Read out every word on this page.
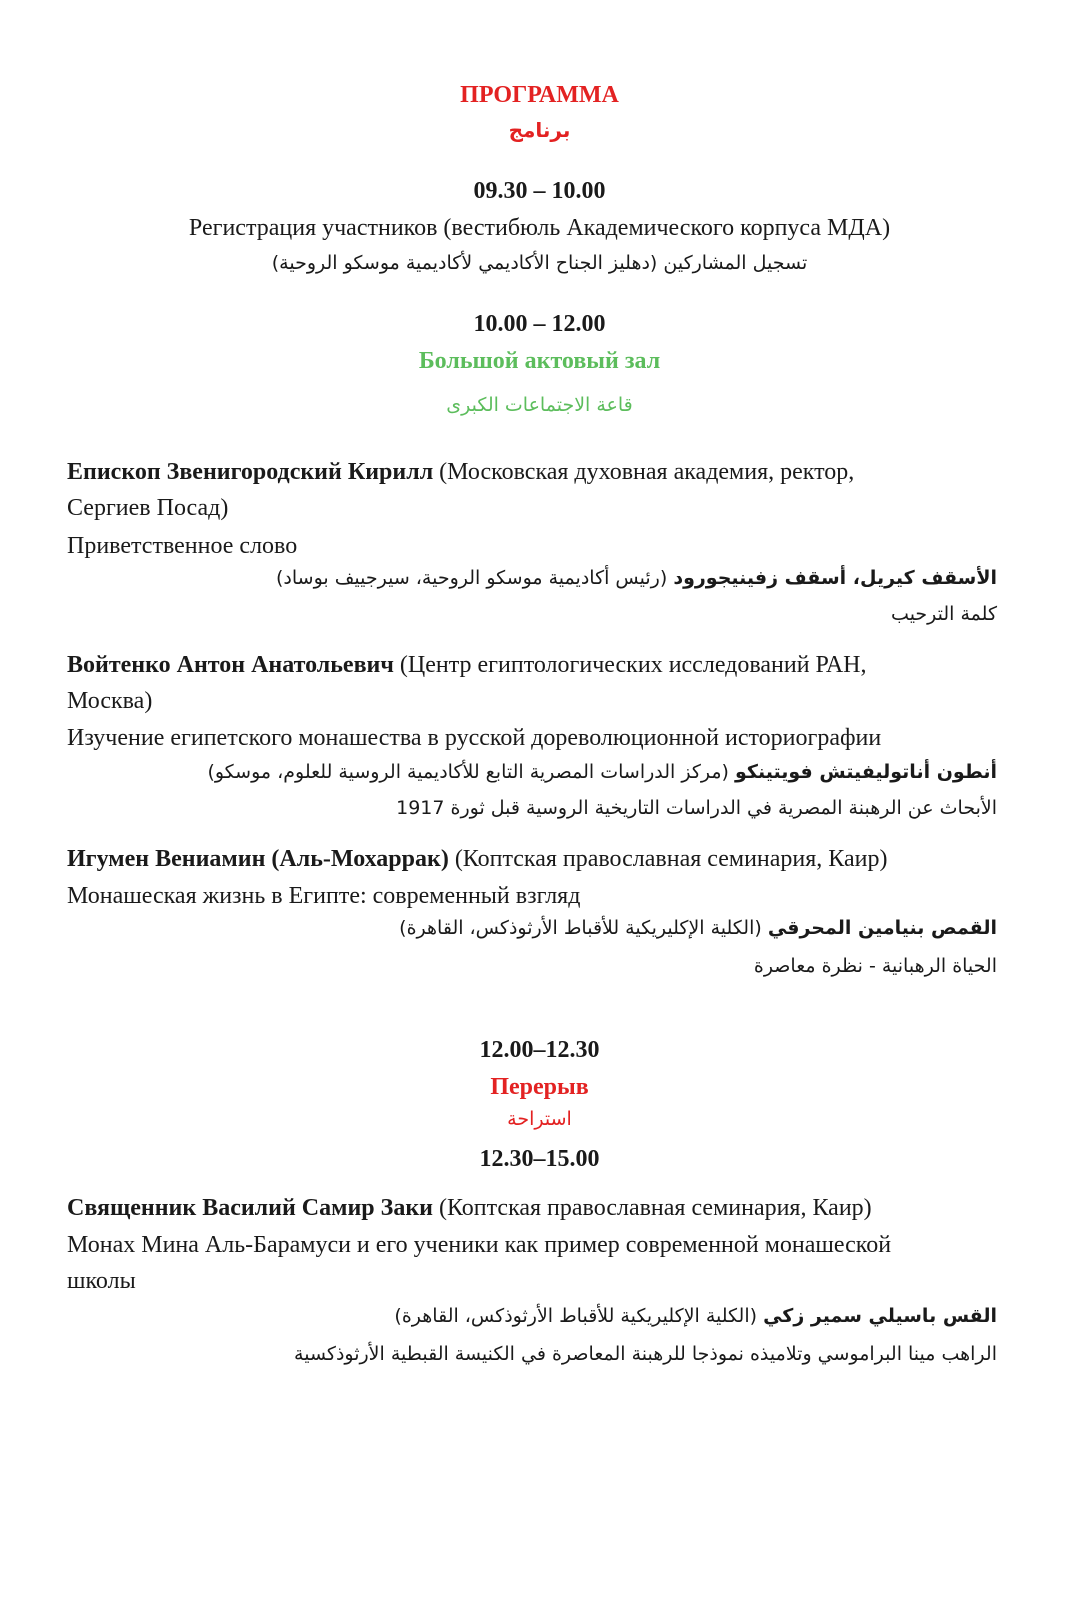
ПРОГРАММА
برنامج
09.30 – 10.00
Регистрация участников (вестибюль Академического корпуса МДА)
تسجيل المشاركين (دهليز الجناح الأكاديمي لأكاديمية موسكو الروحية)
10.00 – 12.00
Большой актовый зал
قاعة الاجتماعات الكبرى
Епископ Звенигородский Кирилл (Московская духовная академия, ректор,
Сергиев Посад)
Приветственное слово
الأسقف كيريل، أسقف زفينيجورود (رئيس أكاديمية موسكو الروحية، سيرجييف بوساد)
كلمة الترحيب
Войтенко Антон Анатольевич (Центр египтологических исследований РАН,
Москва)
Изучение египетского монашества в русской дореволюционной историографии
أنطون أناتوليفيتش فويتينكو (مركز الدراسات المصرية التابع للأكاديمية الروسية للعلوم، موسكو)
الأبحاث عن الرهبنة المصرية في الدراسات التاريخية الروسية قبل ثورة 1917
Игумен Вениамин (Аль-Мохаррак) (Коптская православная семинария, Каир)
Монашеская жизнь в Египте: современный взгляд
القمص بنيامين المحرقي (الكلية الإكليريكية للأقباط الأرثوذكس، القاهرة)
الحياة الرهبانية - نظرة معاصرة
12.00–12.30
Перерыв
استراحة
12.30–15.00
Священник Василий Самир Заки (Коптская православная семинария, Каир)
Монах Мина Аль-Барамуси и его ученики как пример современной монашеской
школы
القس باسيلي سمير زكي (الكلية الإكليريكية للأقباط الأرثوذكس، القاهرة)
الراهب مينا البراموسي وتلاميذه نموذجا للرهبنة المعاصرة في الكنيسة القبطية الأرثوذكسية
